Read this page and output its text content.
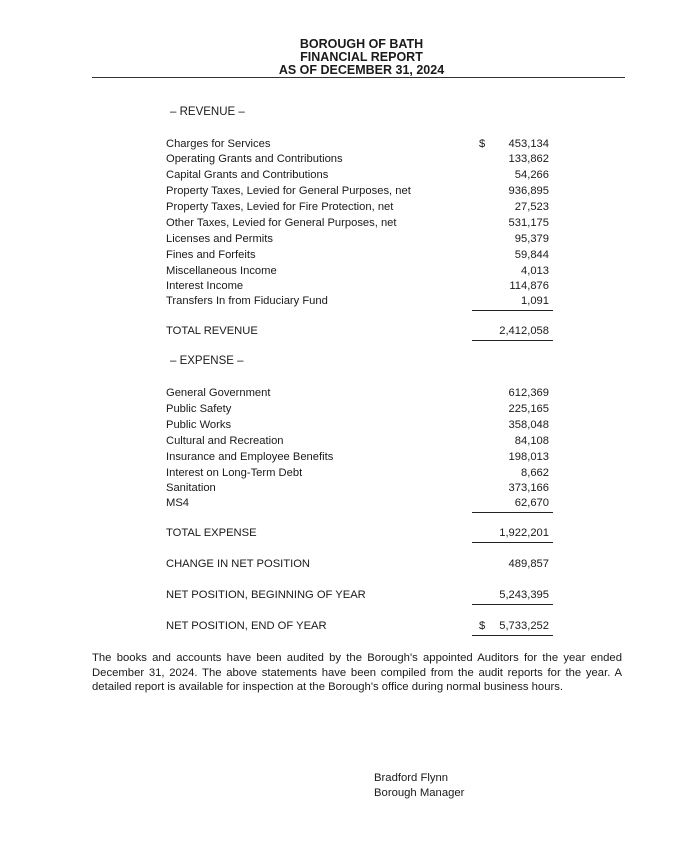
BOROUGH OF BATH
FINANCIAL REPORT
AS OF DECEMBER 31, 2024
– REVENUE –
Charges for Services	$ 453,134
Operating Grants and Contributions	133,862
Capital Grants and Contributions	54,266
Property Taxes, Levied for General Purposes, net	936,895
Property Taxes, Levied for Fire Protection, net	27,523
Other Taxes, Levied for General Purposes, net	531,175
Licenses and Permits	95,379
Fines and Forfeits	59,844
Miscellaneous Income	4,013
Interest Income	114,876
Transfers In from Fiduciary Fund	1,091
TOTAL REVENUE	2,412,058
– EXPENSE –
General Government	612,369
Public Safety	225,165
Public Works	358,048
Cultural and Recreation	84,108
Insurance and Employee Benefits	198,013
Interest on Long-Term Debt	8,662
Sanitation	373,166
MS4	62,670
TOTAL EXPENSE	1,922,201
CHANGE IN NET POSITION	489,857
NET POSITION, BEGINNING OF YEAR	5,243,395
NET POSITION, END OF YEAR	$ 5,733,252
The books and accounts have been audited by the Borough's appointed Auditors for the year ended December 31, 2024. The above statements have been compiled from the audit reports for the year. A detailed report is available for inspection at the Borough's office during normal business hours.
Bradford Flynn
Borough Manager
